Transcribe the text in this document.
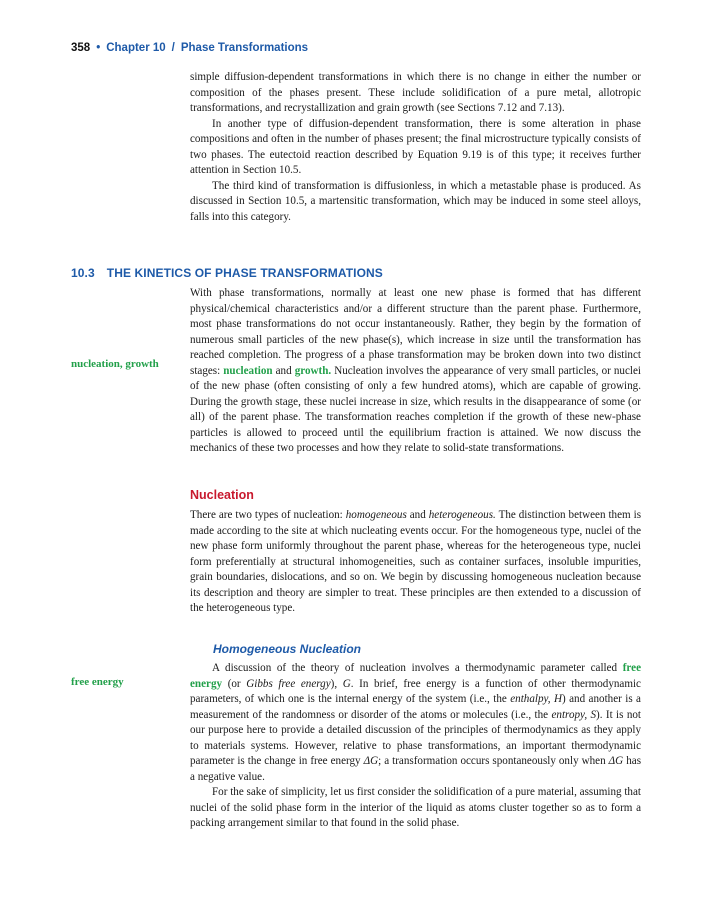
358 • Chapter 10 / Phase Transformations

simple diffusion-dependent transformations in which there is no change in either the number or composition of the phases present. These include solidification of a pure metal, allotropic transformations, and recrystallization and grain growth (see Sections 7.12 and 7.13).

In another type of diffusion-dependent transformation, there is some alteration in phase compositions and often in the number of phases present; the final microstructure typically consists of two phases. The eutectoid reaction described by Equation 9.19 is of this type; it receives further attention in Section 10.5.

The third kind of transformation is diffusionless, in which a metastable phase is produced. As discussed in Section 10.5, a martensitic transformation, which may be induced in some steel alloys, falls into this category.

10.3 THE KINETICS OF PHASE TRANSFORMATIONS
nucleation, growth

With phase transformations, normally at least one new phase is formed that has different physical/chemical characteristics and/or a different structure than the parent phase. Furthermore, most phase transformations do not occur instantaneously. Rather, they begin by the formation of numerous small particles of the new phase(s), which increase in size until the transformation has reached completion. The progress of a phase transformation may be broken down into two distinct stages: nucleation and growth. Nucleation involves the appearance of very small particles, or nuclei of the new phase (often consisting of only a few hundred atoms), which are capable of growing. During the growth stage, these nuclei increase in size, which results in the disappearance of some (or all) of the parent phase. The transformation reaches completion if the growth of these new-phase particles is allowed to proceed until the equilibrium fraction is attained. We now discuss the mechanics of these two processes and how they relate to solid-state transformations.

Nucleation

There are two types of nucleation: homogeneous and heterogeneous. The distinction between them is made according to the site at which nucleating events occur. For the homogeneous type, nuclei of the new phase form uniformly throughout the parent phase, whereas for the heterogeneous type, nuclei form preferentially at structural inhomogeneities, such as container surfaces, insoluble impurities, grain boundaries, dislocations, and so on. We begin by discussing homogeneous nucleation because its description and theory are simpler to treat. These principles are then extended to a discussion of the heterogeneous type.

Homogeneous Nucleation
free energy

A discussion of the theory of nucleation involves a thermodynamic parameter called free energy (or Gibbs free energy), G. In brief, free energy is a function of other thermodynamic parameters, of which one is the internal energy of the system (i.e., the enthalpy, H) and another is a measurement of the randomness or disorder of the atoms or molecules (i.e., the entropy, S). It is not our purpose here to provide a detailed discussion of the principles of thermodynamics as they apply to materials systems. However, relative to phase transformations, an important thermodynamic parameter is the change in free energy ΔG; a transformation occurs spontaneously only when ΔG has a negative value.

For the sake of simplicity, let us first consider the solidification of a pure material, assuming that nuclei of the solid phase form in the interior of the liquid as atoms cluster together so as to form a packing arrangement similar to that found in the solid phase.
